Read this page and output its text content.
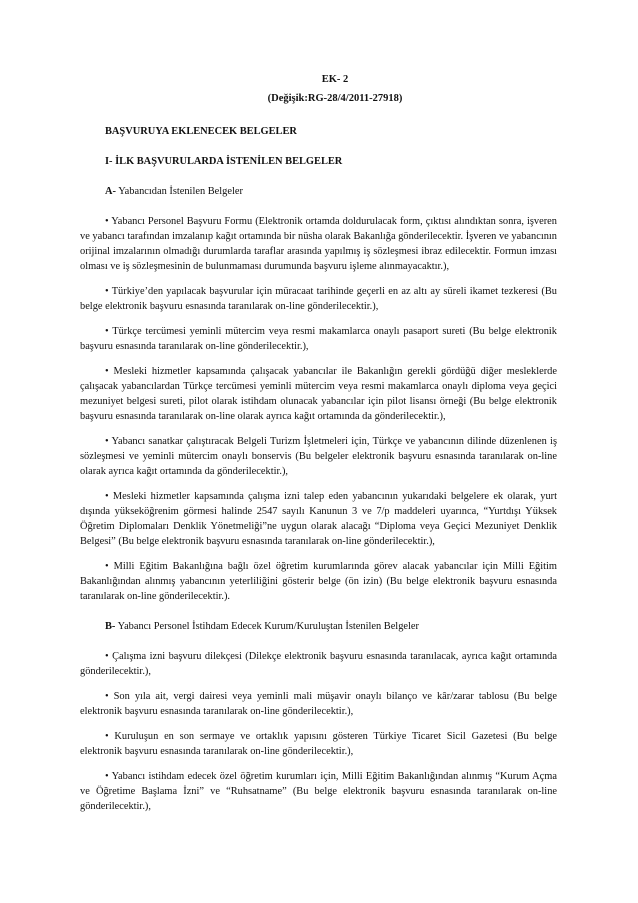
EK- 2
(Değişik:RG-28/4/2011-27918)

BAŞVURUYA EKLENECEK BELGELER

I- İLK BAŞVURULARDA İSTENİLEN BELGELER

A- Yabancıdan İstenilen Belgeler

• Yabancı Personel Başvuru Formu (Elektronik ortamda doldurulacak form, çıktısı alındıktan sonra, işveren ve yabancı tarafından imzalanıp kağıt ortamında bir nüsha olarak Bakanlığa gönderilecektir. İşveren ve yabancının orijinal imzalarının olmadığı durumlarda taraflar arasında yapılmış iş sözleşmesi ibraz edilecektir. Formun imzası olması ve iş sözleşmesinin de bulunmaması durumunda başvuru işleme alınmayacaktır.),

• Türkiye’den yapılacak başvurular için müracaat tarihinde geçerli en az altı ay süreli ikamet tezkeresi (Bu belge elektronik başvuru esnasında taranılarak on-line gönderilecektir.),

• Türkçe tercümesi yeminli mütercim veya resmi makamlarca onaylı pasaport sureti (Bu belge elektronik başvuru esnasında taranılarak on-line gönderilecektir.),

• Mesleki hizmetler kapsamında çalışacak yabancılar ile Bakanlığın gerekli gördüğü diğer mesleklerde çalışacak yabancılardan Türkçe tercümesi yeminli mütercim veya resmi makamlarca onaylı diploma veya geçici mezuniyet belgesi sureti, pilot olarak istihdam olunacak yabancılar için pilot lisansı örneği (Bu belge elektronik başvuru esnasında taranılarak on-line olarak ayrıca kağıt ortamında da gönderilecektir.),

• Yabancı sanatkar çalıştıracak Belgeli Turizm İşletmeleri için, Türkçe ve yabancının dilinde düzenlenen iş sözleşmesi ve yeminli mütercim onaylı bonservis (Bu belgeler elektronik başvuru esnasında taranılarak on-line olarak ayrıca kağıt ortamında da gönderilecektir.),

• Mesleki hizmetler kapsamında çalışma izni talep eden yabancının yukarıdaki belgelere ek olarak, yurt dışında yükseköğrenim görmesi halinde 2547 sayılı Kanunun 3 ve 7/p maddeleri uyarınca, “Yurtdışı Yüksek Öğretim Diplomaları Denklik Yönetmeliği”ne uygun olarak alacağı “Diploma veya Geçici Mezuniyet Denklik Belgesi” (Bu belge elektronik başvuru esnasında taranılarak on-line gönderilecektir.),

• Milli Eğitim Bakanlığına bağlı özel öğretim kurumlarında görev alacak yabancılar için Milli Eğitim Bakanlığından alınmış yabancının yeterliliğini gösterir belge (ön izin) (Bu belge elektronik başvuru esnasında taranılarak on-line gönderilecektir.).

B- Yabancı Personel İstihdam Edecek Kurum/Kuruluştan İstenilen Belgeler

• Çalışma izni başvuru dilekçesi (Dilekçe elektronik başvuru esnasında taranılacak, ayrıca kağıt ortamında gönderilecektir.),

• Son yıla ait, vergi dairesi veya yeminli mali müşavir onaylı bilanço ve kâr/zarar tablosu (Bu belge elektronik başvuru esnasında taranılarak on-line gönderilecektir.),

• Kuruluşun en son sermaye ve ortaklık yapısını gösteren Türkiye Ticaret Sicil Gazetesi (Bu belge elektronik başvuru esnasında taranılarak on-line gönderilecektir.),

• Yabancı istihdam edecek özel öğretim kurumları için, Milli Eğitim Bakanlığından alınmış “Kurum Açma ve Öğretime Başlama İzni” ve “Ruhsatname” (Bu belge elektronik başvuru esnasında taranılarak on-line gönderilecektir.),
